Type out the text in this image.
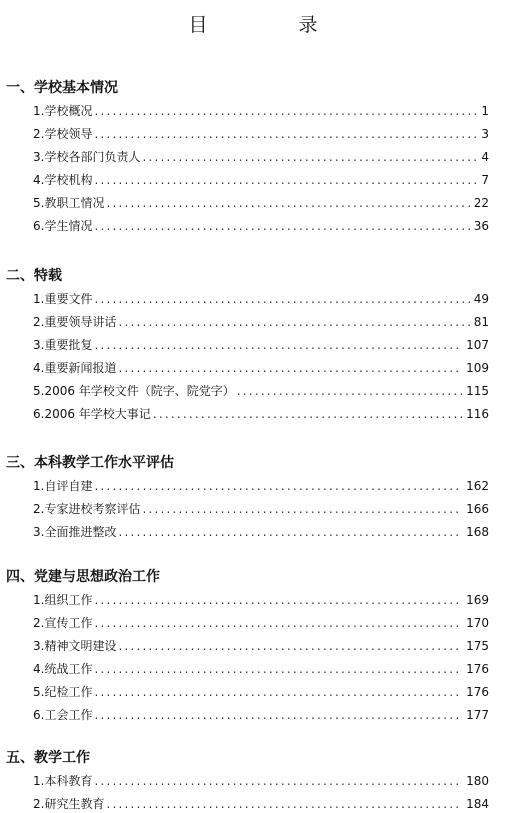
目　录
一、学校基本情况
1.学校概况 .....	1
2.学校领导 .....	3
3.学校各部门负责人 .....	4
4.学校机构 .....	7
5.教职工情况 .....	22
6.学生情况 .....	36
二、特载
1.重要文件 .....	49
2.重要领导讲话 .....	81
3.重要批复 .....	107
4.重要新闻报道 .....	109
5.2006 年学校文件（院字、院党字） .....	115
6.2006 年学校大事记 .....	116
三、本科教学工作水平评估
1.自评自建 .....	162
2.专家进校考察评估 .....	166
3.全面推进整改 .....	168
四、党建与思想政治工作
1.组织工作 .....	169
2.宣传工作 .....	170
3.精神文明建设 .....	175
4.统战工作 .....	176
5.纪检工作 .....	176
6.工会工作 .....	177
五、教学工作
1.本科教育 .....	180
2.研究生教育 .....	184
